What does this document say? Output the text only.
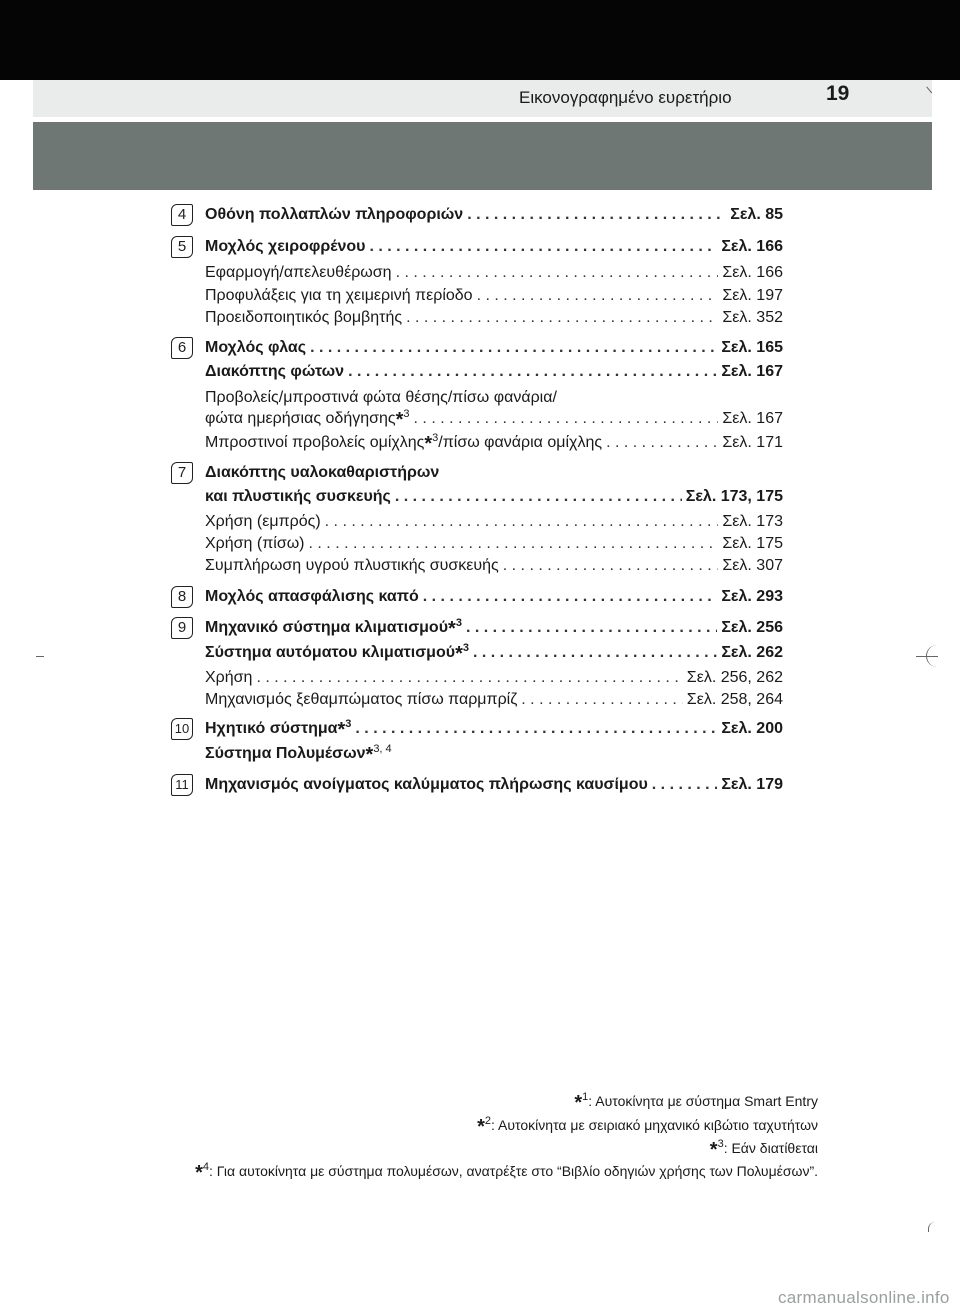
Εικονογραφημένο ευρετήριο	19
4	Οθόνη πολλαπλών πληροφοριών . . .	Σελ. 85
5	Μοχλός χειροφρένου . . .	Σελ. 166
Εφαρμογή/απελευθέρωση . . .	Σελ. 166
Προφυλάξεις για τη χειμερινή περίοδο . . .	Σελ. 197
Προειδοποιητικός βομβητής . . .	Σελ. 352
6	Μοχλός φλας . . .	Σελ. 165
Διακόπτης φώτων . . .	Σελ. 167
Προβολείς/μπροστινά φώτα θέσης/πίσω φανάρια/
φώτα ημερήσιας οδήγησης*$^3$ . . .	Σελ. 167
Μπροστινοί προβολείς ομίχλης*$^3$/πίσω φανάρια ομίχλης . . .	Σελ. 171
7	Διακόπτης υαλοκαθαριστήρων
και πλυστικής συσκευής . . .	Σελ. 173, 175
Χρήση (εμπρός) . . .	Σελ. 173
Χρήση (πίσω) . . .	Σελ. 175
Συμπλήρωση υγρού πλυστικής συσκευής . . .	Σελ. 307
8	Μοχλός απασφάλισης καπό . . .	Σελ. 293
9	Μηχανικό σύστημα κλιματισμού*$^3$ . . .	Σελ. 256
Σύστημα αυτόματου κλιματισμού*$^3$ . . .	Σελ. 262
Χρήση . . .	Σελ. 256, 262
Μηχανισμός ξεθαμπώματος πίσω παρμπρίζ . . .	Σελ. 258, 264
10 Ηχητικό σύστημα*$^3$ . . .	Σελ. 200
Σύστημα Πολυμέσων*$^{3, 4}$
11 Μηχανισμός ανοίγματος καλύμματος πλήρωσης καυσίμου . . .	Σελ. 179
*$^1$: Αυτοκίνητα με σύστημα Smart Entry
*$^2$: Αυτοκίνητα με σειριακό μηχανικό κιβώτιο ταχυτήτων
*$^3$: Εάν διατίθεται
*$^4$: Για αυτοκίνητα με σύστημα πολυμέσων, ανατρέξτε στο “Βιβλίο οδηγιών χρήσης των Πολυμέσων”.
carmanualsonline.info
